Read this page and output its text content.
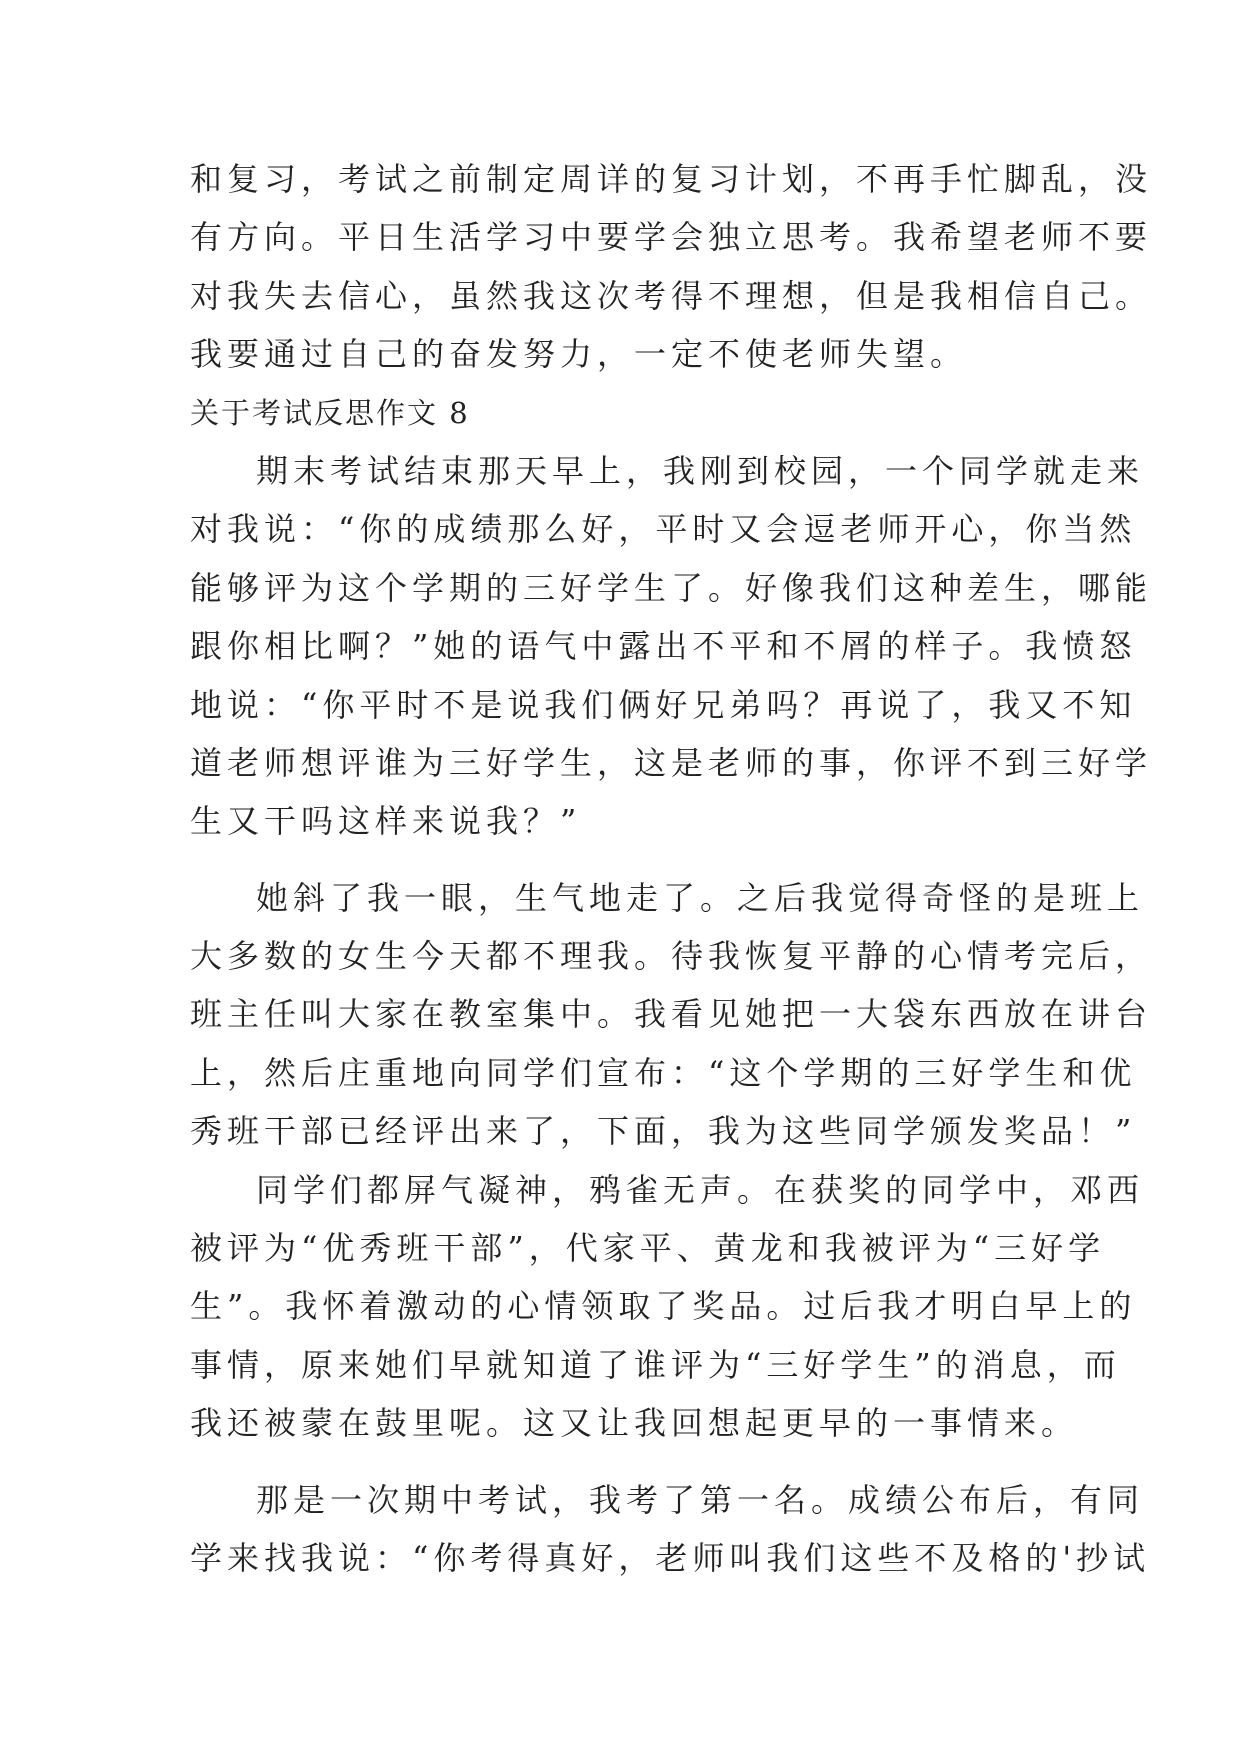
和复习，考试之前制定周详的复习计划，不再手忙脚乱，没
有方向。平日生活学习中要学会独立思考。我希望老师不要
对我失去信心，虽然我这次考得不理想，但是我相信自己。
我要通过自己的奋发努力，一定不使老师失望。
关于考试反思作文 8
期末考试结束那天早上，我刚到校园，一个同学就走来
对我说：“你的成绩那么好，平时又会逗老师开心，你当然
能够评为这个学期的三好学生了。好像我们这种差生，哪能
跟你相比啊？”她的语气中露出不平和不屑的样子。我愤怒
地说：“你平时不是说我们俩好兄弟吗？再说了，我又不知
道老师想评谁为三好学生，这是老师的事，你评不到三好学
生又干吗这样来说我？”
她斜了我一眼，生气地走了。之后我觉得奇怪的是班上
大多数的女生今天都不理我。待我恢复平静的心情考完后，
班主任叫大家在教室集中。我看见她把一大袋东西放在讲台
上，然后庄重地向同学们宣布：“这个学期的三好学生和优
秀班干部已经评出来了，下面，我为这些同学颁发奖品！”
同学们都屏气凝神，鸦雀无声。在获奖的同学中，邓西
被评为“优秀班干部”，代家平、黄龙和我被评为“三好学
生”。我怀着激动的心情领取了奖品。过后我才明白早上的
事情，原来她们早就知道了谁评为“三好学生”的消息，而
我还被蒙在鼓里呢。这又让我回想起更早的一事情来。
那是一次期中考试，我考了第一名。成绩公布后，有同
学来找我说：“你考得真好，老师叫我们这些不及格的'抄试
